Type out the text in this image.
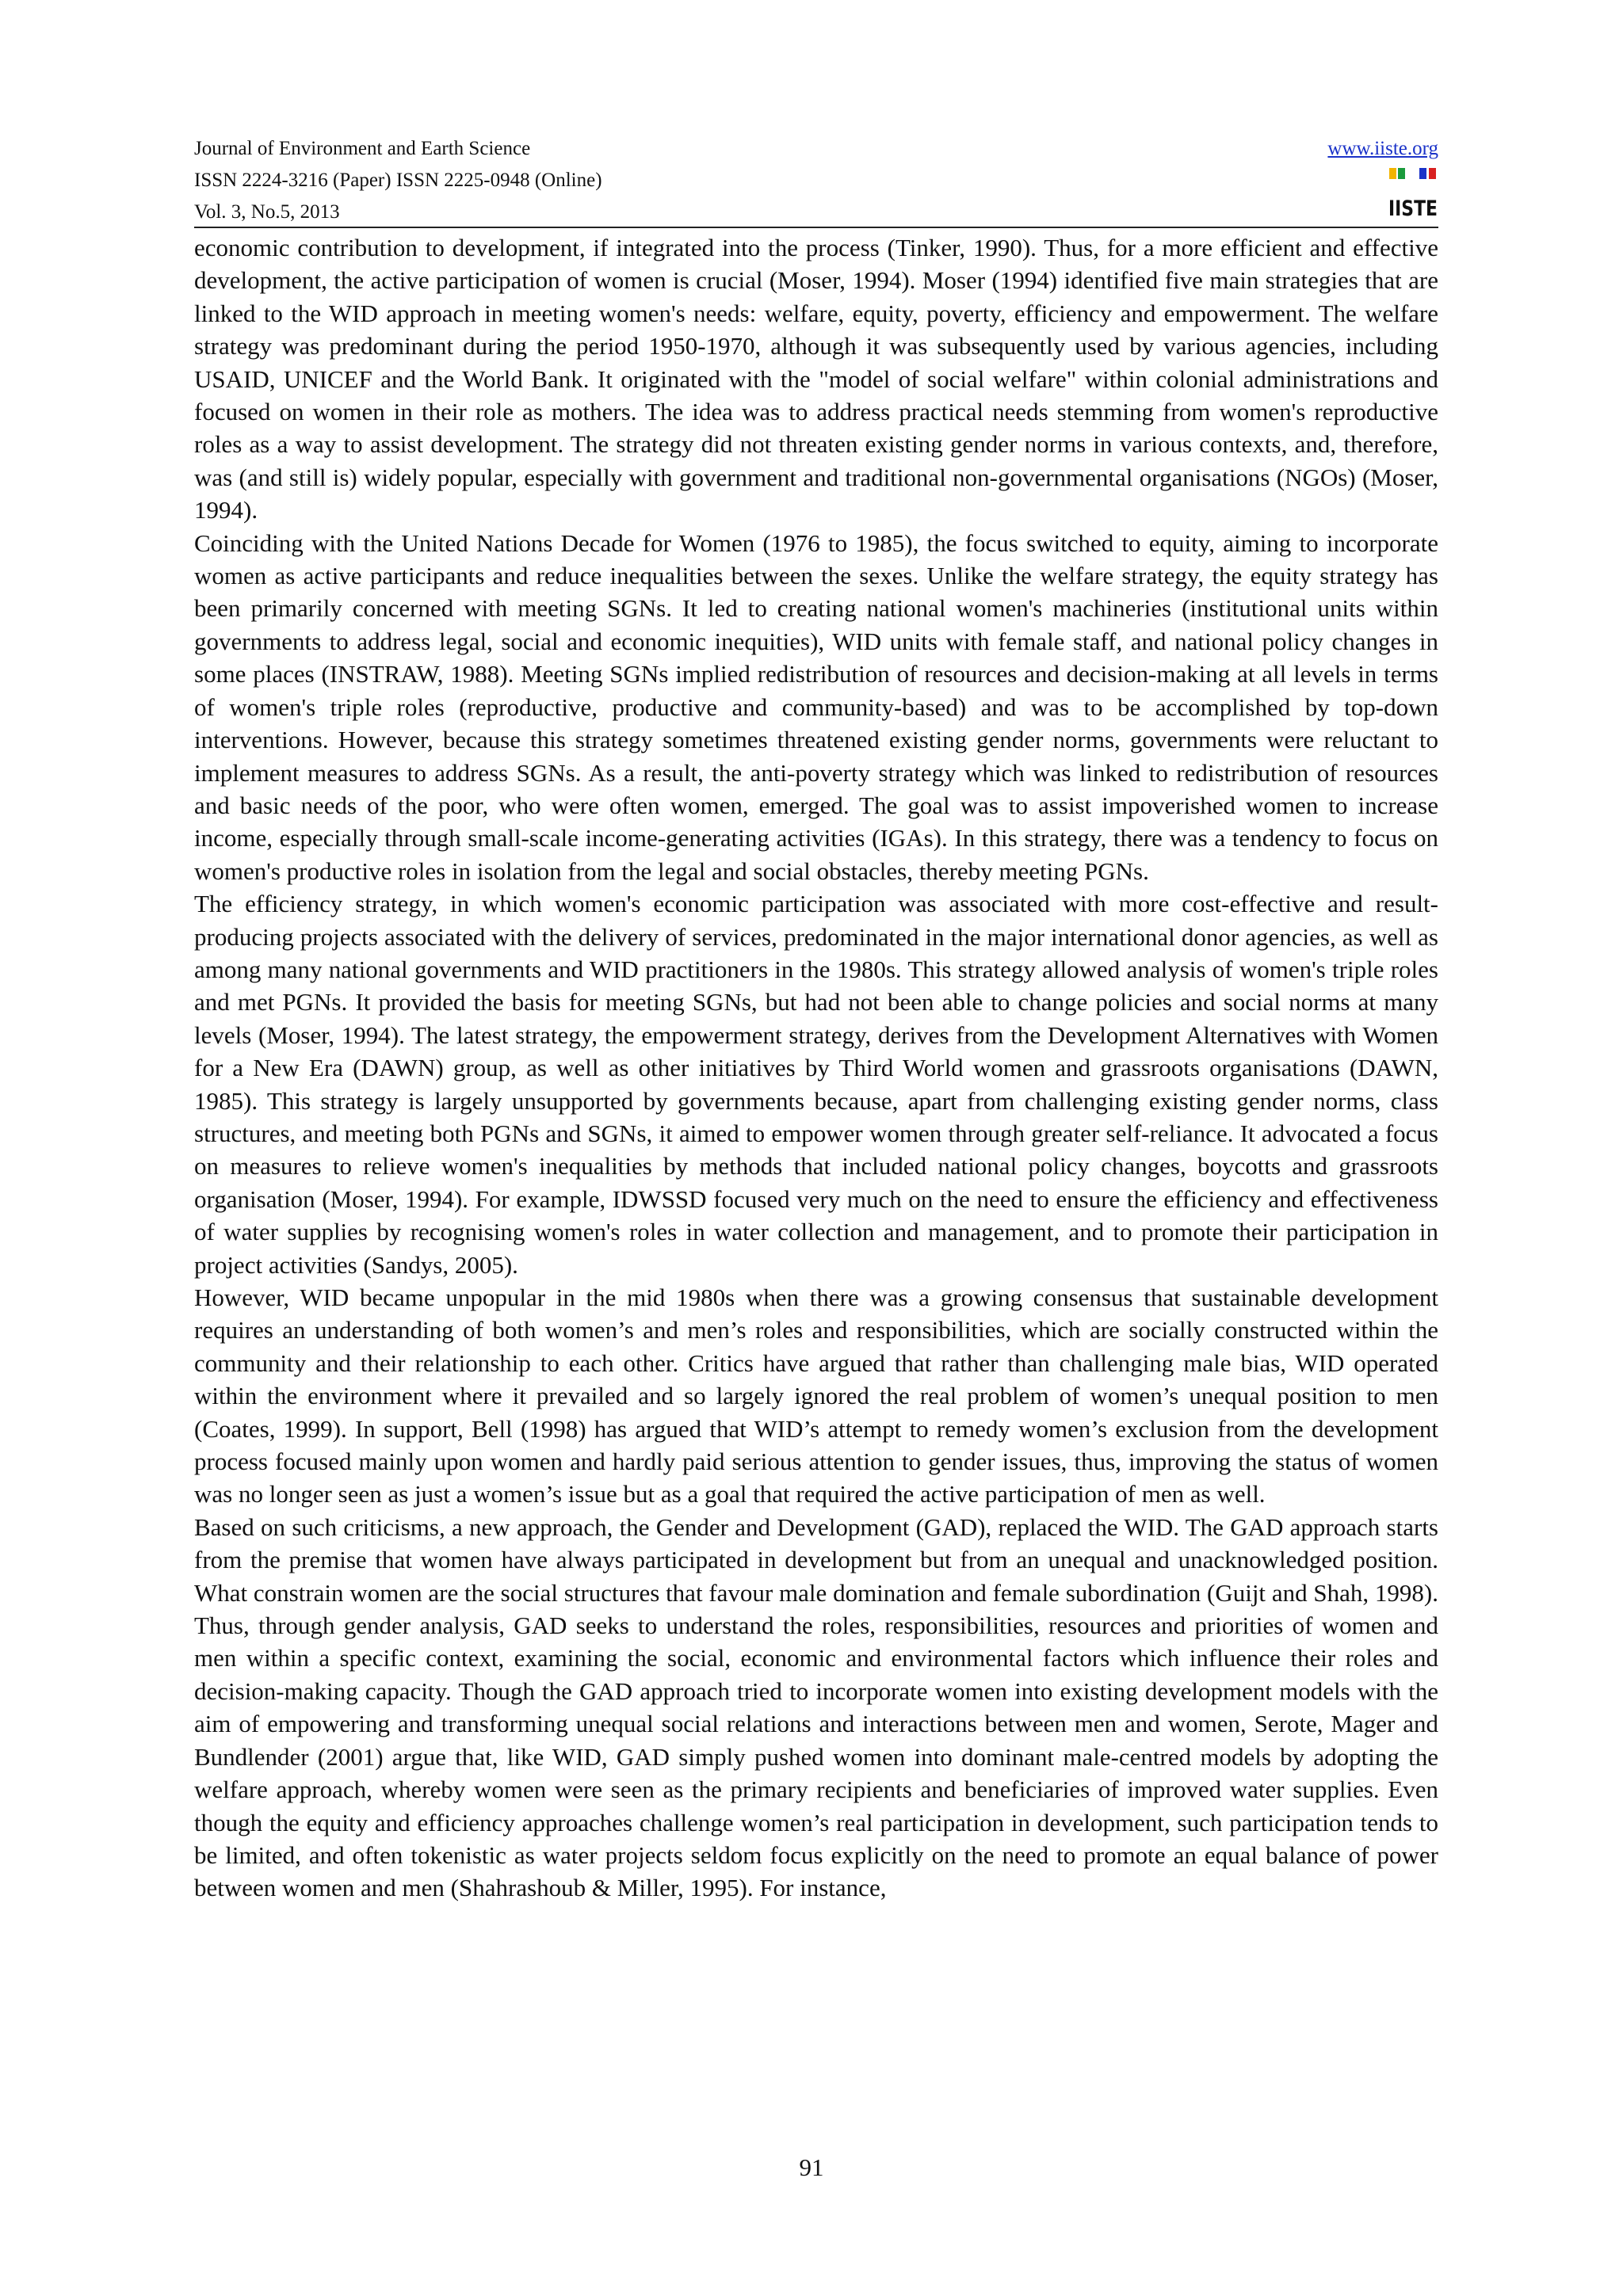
Journal of Environment and Earth Science
ISSN 2224-3216 (Paper) ISSN 2225-0948 (Online)
Vol. 3, No.5, 2013
www.iiste.org
IISTE

economic contribution to development, if integrated into the process (Tinker, 1990). Thus, for a more efficient and effective development, the active participation of women is crucial (Moser, 1994). Moser (1994) identified five main strategies that are linked to the WID approach in meeting women's needs: welfare, equity, poverty, efficiency and empowerment. The welfare strategy was predominant during the period 1950-1970, although it was subsequently used by various agencies, including USAID, UNICEF and the World Bank. It originated with the "model of social welfare" within colonial administrations and focused on women in their role as mothers. The idea was to address practical needs stemming from women's reproductive roles as a way to assist development. The strategy did not threaten existing gender norms in various contexts, and, therefore, was (and still is) widely popular, especially with government and traditional non-governmental organisations (NGOs) (Moser, 1994).

Coinciding with the United Nations Decade for Women (1976 to 1985), the focus switched to equity, aiming to incorporate women as active participants and reduce inequalities between the sexes. Unlike the welfare strategy, the equity strategy has been primarily concerned with meeting SGNs. It led to creating national women's machineries (institutional units within governments to address legal, social and economic inequities), WID units with female staff, and national policy changes in some places (INSTRAW, 1988). Meeting SGNs implied redistribution of resources and decision-making at all levels in terms of women's triple roles (reproductive, productive and community-based) and was to be accomplished by top-down interventions. However, because this strategy sometimes threatened existing gender norms, governments were reluctant to implement measures to address SGNs. As a result, the anti-poverty strategy which was linked to redistribution of resources and basic needs of the poor, who were often women, emerged. The goal was to assist impoverished women to increase income, especially through small-scale income-generating activities (IGAs). In this strategy, there was a tendency to focus on women's productive roles in isolation from the legal and social obstacles, thereby meeting PGNs.

The efficiency strategy, in which women's economic participation was associated with more cost-effective and result-producing projects associated with the delivery of services, predominated in the major international donor agencies, as well as among many national governments and WID practitioners in the 1980s. This strategy allowed analysis of women's triple roles and met PGNs. It provided the basis for meeting SGNs, but had not been able to change policies and social norms at many levels (Moser, 1994). The latest strategy, the empowerment strategy, derives from the Development Alternatives with Women for a New Era (DAWN) group, as well as other initiatives by Third World women and grassroots organisations (DAWN, 1985). This strategy is largely unsupported by governments because, apart from challenging existing gender norms, class structures, and meeting both PGNs and SGNs, it aimed to empower women through greater self-reliance. It advocated a focus on measures to relieve women's inequalities by methods that included national policy changes, boycotts and grassroots organisation (Moser, 1994). For example, IDWSSD focused very much on the need to ensure the efficiency and effectiveness of water supplies by recognising women's roles in water collection and management, and to promote their participation in project activities (Sandys, 2005).

However, WID became unpopular in the mid 1980s when there was a growing consensus that sustainable development requires an understanding of both women’s and men’s roles and responsibilities, which are socially constructed within the community and their relationship to each other. Critics have argued that rather than challenging male bias, WID operated within the environment where it prevailed and so largely ignored the real problem of women’s unequal position to men (Coates, 1999). In support, Bell (1998) has argued that WID’s attempt to remedy women’s exclusion from the development process focused mainly upon women and hardly paid serious attention to gender issues, thus, improving the status of women was no longer seen as just a women’s issue but as a goal that required the active participation of men as well.

Based on such criticisms, a new approach, the Gender and Development (GAD), replaced the WID. The GAD approach starts from the premise that women have always participated in development but from an unequal and unacknowledged position. What constrain women are the social structures that favour male domination and female subordination (Guijt and Shah, 1998). Thus, through gender analysis, GAD seeks to understand the roles, responsibilities, resources and priorities of women and men within a specific context, examining the social, economic and environmental factors which influence their roles and decision-making capacity. Though the GAD approach tried to incorporate women into existing development models with the aim of empowering and transforming unequal social relations and interactions between men and women, Serote, Mager and Bundlender (2001) argue that, like WID, GAD simply pushed women into dominant male-centred models by adopting the welfare approach, whereby women were seen as the primary recipients and beneficiaries of improved water supplies. Even though the equity and efficiency approaches challenge women’s real participation in development, such participation tends to be limited, and often tokenistic as water projects seldom focus explicitly on the need to promote an equal balance of power between women and men (Shahrashoub & Miller, 1995). For instance,

91
